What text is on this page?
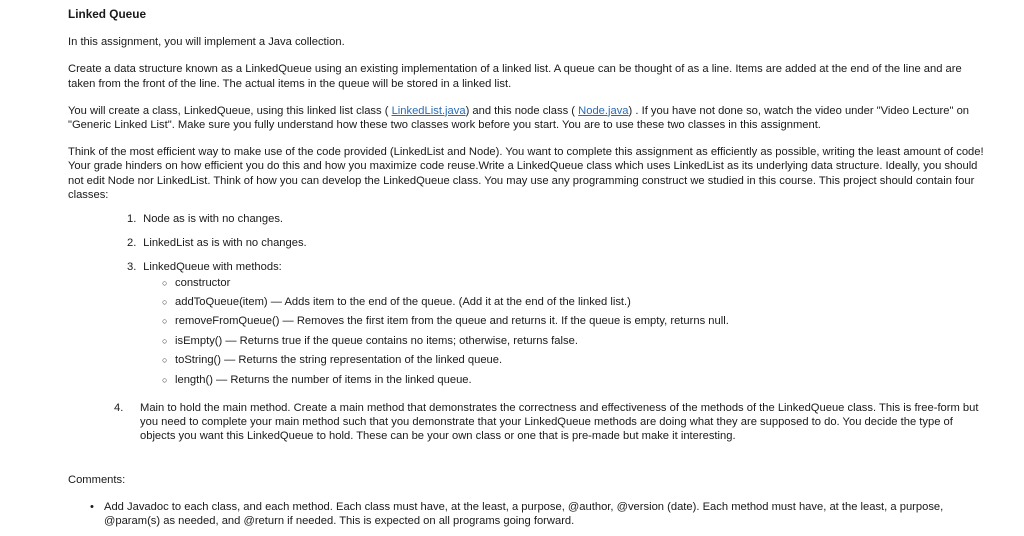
Linked Queue

In this assignment, you will implement a Java collection.

Create a data structure known as a LinkedQueue using an existing implementation of a linked list. A queue can be thought of as a line. Items are added at the end of the line and are taken from the front of the line. The actual items in the queue will be stored in a linked list.

You will create a class, LinkedQueue, using this linked list class ( LinkedList.java) and this node class ( Node.java) . If you have not done so, watch the video under "Video Lecture" on "Generic Linked List". Make sure you fully understand how these two classes work before you start. You are to use these two classes in this assignment.

Think of the most efficient way to make use of the code provided (LinkedList and Node). You want to complete this assignment as efficiently as possible, writing the least amount of code! Your grade hinders on how efficient you do this and how you maximize code reuse.Write a LinkedQueue class which uses LinkedList as its underlying data structure. Ideally, you should not edit Node nor LinkedList. Think of how you can develop the LinkedQueue class. You may use any programming construct we studied in this course. This project should contain four classes:

1. Node as is with no changes.
2. LinkedList as is with no changes.
3. LinkedQueue with methods:
○ constructor
○ addToQueue(item) — Adds item to the end of the queue. (Add it at the end of the linked list.)
○ removeFromQueue() — Removes the first item from the queue and returns it. If the queue is empty, returns null.
○ isEmpty() — Returns true if the queue contains no items; otherwise, returns false.
○ toString() — Returns the string representation of the linked queue.
○ length() — Returns the number of items in the linked queue.
4. Main to hold the main method. Create a main method that demonstrates the correctness and effectiveness of the methods of the LinkedQueue class. This is free-form but you need to complete your main method such that you demonstrate that your LinkedQueue methods are doing what they are supposed to do. You decide the type of objects you want this LinkedQueue to hold. These can be your own class or one that is pre-made but make it interesting.
Comments:
• Add Javadoc to each class, and each method. Each class must have, at the least, a purpose, @author, @version (date). Each method must have, at the least, a purpose, @param(s) as needed, and @return if needed. This is expected on all programs going forward.
